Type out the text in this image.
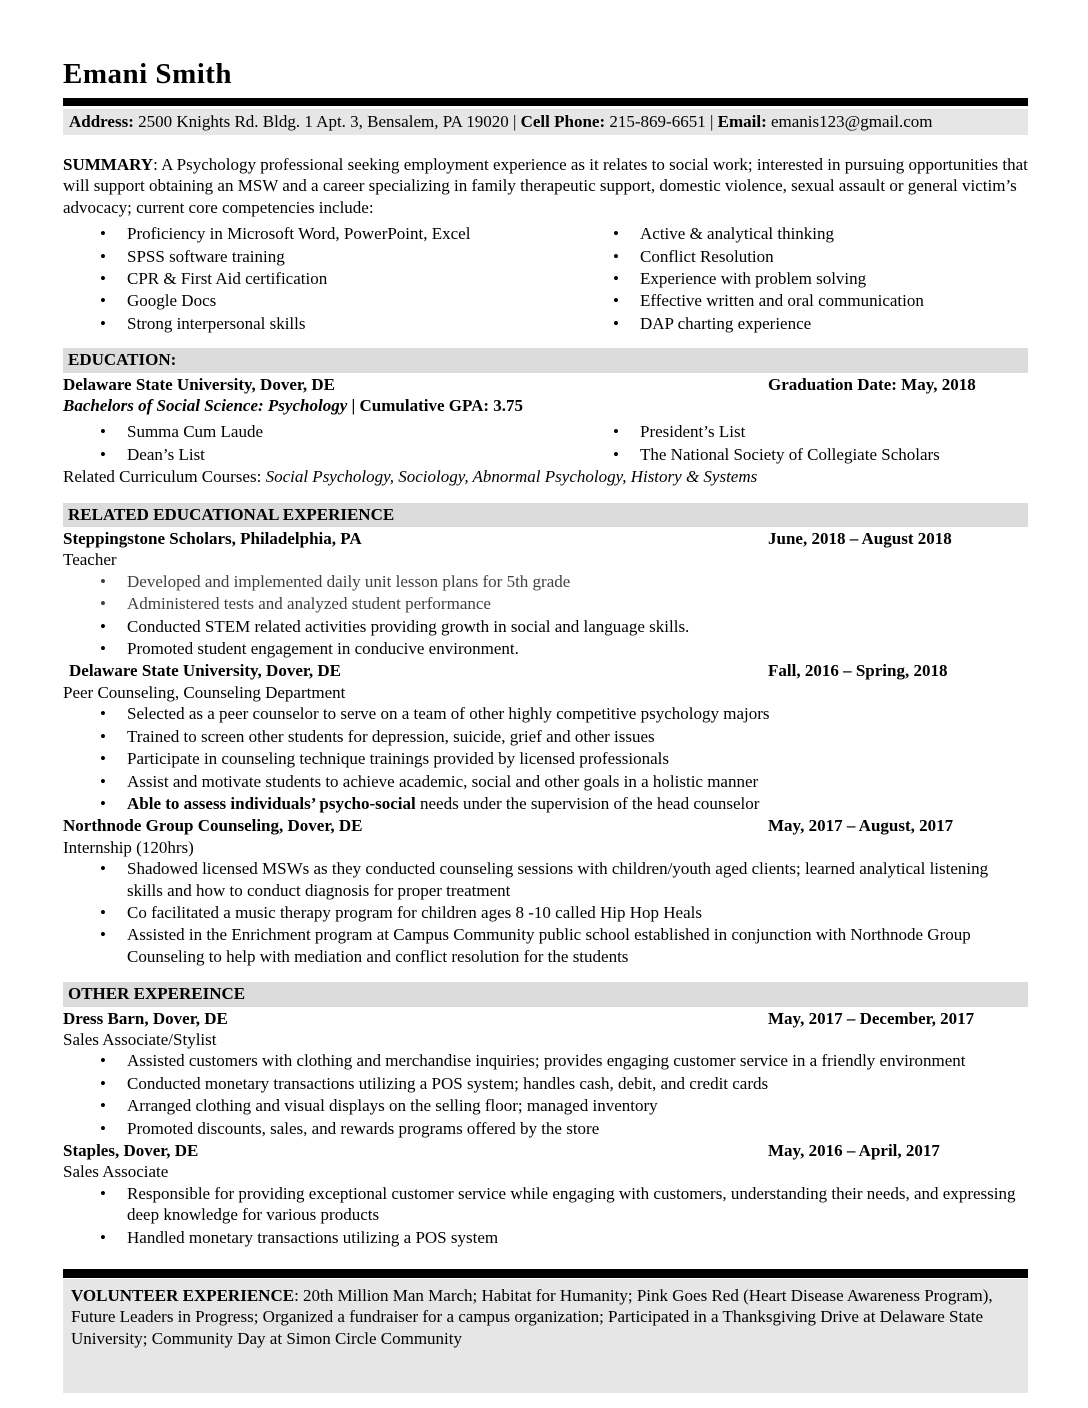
Emani Smith
Address: 2500 Knights Rd. Bldg. 1 Apt. 3, Bensalem, PA 19020 | Cell Phone: 215-869-6651 | Email: emanis123@gmail.com
SUMMARY: A Psychology professional seeking employment experience as it relates to social work; interested in pursuing opportunities that will support obtaining an MSW and a career specializing in family therapeutic support, domestic violence, sexual assault or general victim’s advocacy; current core competencies include:
• Proficiency in Microsoft Word, PowerPoint, Excel
• SPSS software training
• CPR & First Aid certification
• Google Docs
• Strong interpersonal skills
• Active & analytical thinking
• Conflict Resolution
• Experience with problem solving
• Effective written and oral communication
• DAP charting experience
EDUCATION:
Delaware State University, Dover, DE	Graduation Date: May, 2018
Bachelors of Social Science: Psychology | Cumulative GPA: 3.75
• Summa Cum Laude
• Dean’s List
• President’s List
• The National Society of Collegiate Scholars
Related Curriculum Courses: Social Psychology, Sociology, Abnormal Psychology, History & Systems
RELATED EDUCATIONAL EXPERIENCE
Steppingstone Scholars, Philadelphia, PA	June, 2018 – August 2018
Teacher
• Developed and implemented daily unit lesson plans for 5th grade
• Administered tests and analyzed student performance
• Conducted STEM related activities providing growth in social and language skills.
• Promoted student engagement in conducive environment.
Delaware State University, Dover, DE	Fall, 2016 – Spring, 2018
Peer Counseling, Counseling Department
• Selected as a peer counselor to serve on a team of other highly competitive psychology majors
• Trained to screen other students for depression, suicide, grief and other issues
• Participate in counseling technique trainings provided by licensed professionals
• Assist and motivate students to achieve academic, social and other goals in a holistic manner
• Able to assess individuals’ psycho-social needs under the supervision of the head counselor
Northnode Group Counseling, Dover, DE	May, 2017 – August, 2017
Internship (120hrs)
• Shadowed licensed MSWs as they conducted counseling sessions with children/youth aged clients; learned analytical listening skills and how to conduct diagnosis for proper treatment
• Co facilitated a music therapy program for children ages 8 -10 called Hip Hop Heals
• Assisted in the Enrichment program at Campus Community public school established in conjunction with Northnode Group Counseling to help with mediation and conflict resolution for the students
OTHER EXPEREINCE
Dress Barn, Dover, DE	May, 2017 – December, 2017
Sales Associate/Stylist
• Assisted customers with clothing and merchandise inquiries; provides engaging customer service in a friendly environment
• Conducted monetary transactions utilizing a POS system; handles cash, debit, and credit cards
• Arranged clothing and visual displays on the selling floor; managed inventory
• Promoted discounts, sales, and rewards programs offered by the store
Staples, Dover, DE	May, 2016 – April, 2017
Sales Associate
• Responsible for providing exceptional customer service while engaging with customers, understanding their needs, and expressing deep knowledge for various products
• Handled monetary transactions utilizing a POS system
VOLUNTEER EXPERIENCE: 20th Million Man March; Habitat for Humanity; Pink Goes Red (Heart Disease Awareness Program), Future Leaders in Progress; Organized a fundraiser for a campus organization; Participated in a Thanksgiving Drive at Delaware State University; Community Day at Simon Circle Community
